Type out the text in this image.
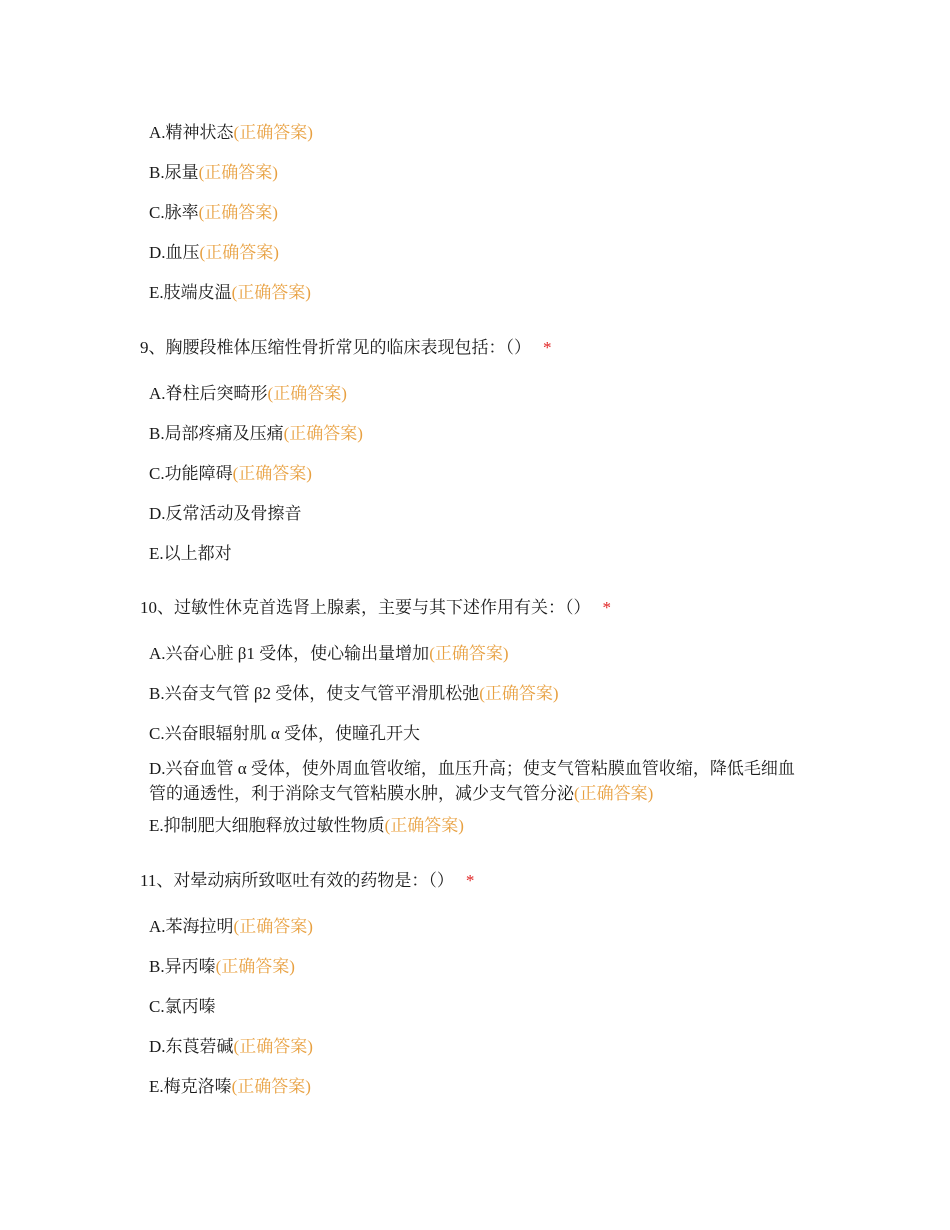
A.精神状态(正确答案)
B.尿量(正确答案)
C.脉率(正确答案)
D.血压(正确答案)
E.肢端皮温(正确答案)
9、胸腰段椎体压缩性骨折常见的临床表现包括：（） *
A.脊柱后突畸形(正确答案)
B.局部疼痛及压痛(正确答案)
C.功能障碍(正确答案)
D.反常活动及骨擦音
E.以上都对
10、过敏性休克首选肾上腺素，主要与其下述作用有关：（） *
A.兴奋心脏 β1 受体，使心输出量增加(正确答案)
B.兴奋支气管 β2 受体，使支气管平滑肌松弛(正确答案)
C.兴奋眼辐射肌 α 受体，使瞳孔开大
D.兴奋血管 α 受体，使外周血管收缩，血压升高；使支气管粘膜血管收缩，降低毛细血管的通透性，利于消除支气管粘膜水肿，减少支气管分泌(正确答案)
E.抑制肥大细胞释放过敏性物质(正确答案)
11、对晕动病所致呕吐有效的药物是：（） *
A.苯海拉明(正确答案)
B.异丙嗪(正确答案)
C.氯丙嗪
D.东莨菪碱(正确答案)
E.梅克洛嗪(正确答案)
